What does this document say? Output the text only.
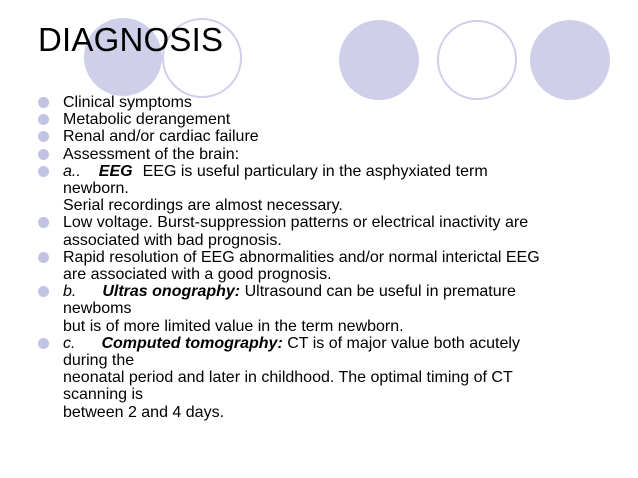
DIAGNOSIS
Clinical symptoms
Metabolic derangement
Renal and/or cardiac failure
Assessment of the brain:
a.. EEG EEG is useful particulary in the asphyxiated term
newborn.
Serial recordings are almost necessary.
Low voltage. Burst-suppression patterns or electrical inactivity are
associated with bad prognosis.
Rapid resolution of EEG abnormalities and/or normal interictal EEG
are associated with a good prognosis.
b. Ultras onography: Ultrasound can be useful in premature
newboms
but is of more limited value in the term newborn.
c. Computed tomography: CT is of major value both acutely
during the
neonatal period and later in childhood. The optimal timing of CT
scanning is
between 2 and 4 days.
